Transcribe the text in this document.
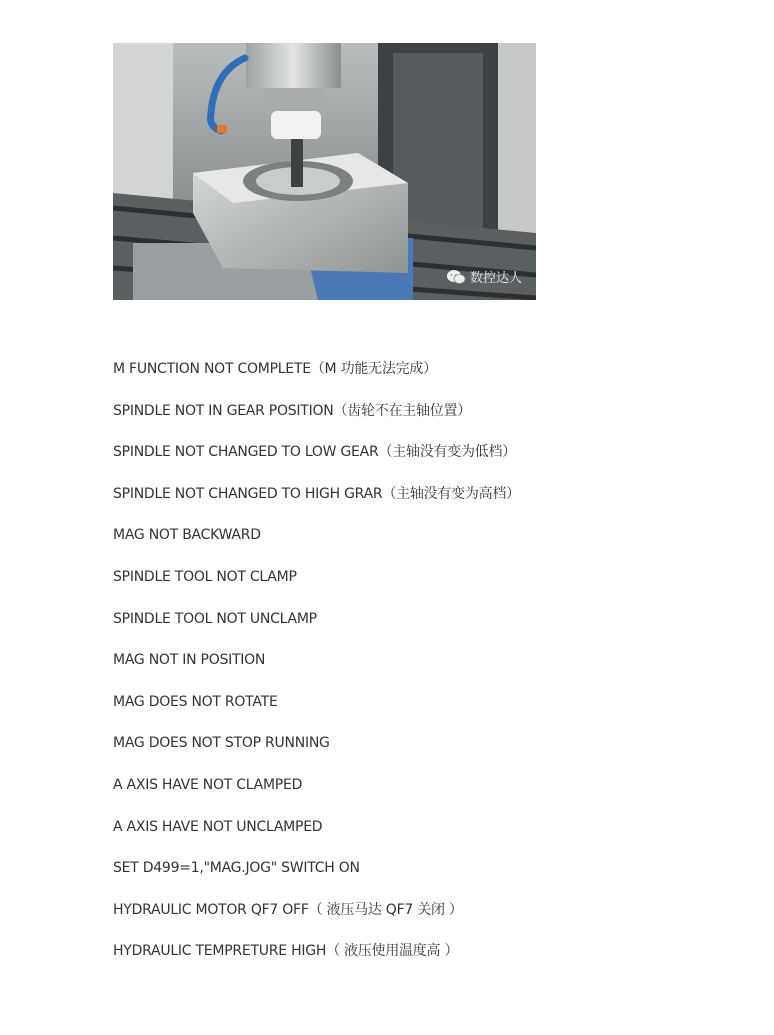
数控达人
M FUNCTION NOT COMPLETE（M 功能无法完成）
SPINDLE NOT IN GEAR POSITION（齿轮不在主轴位置）
SPINDLE NOT CHANGED TO LOW GEAR（主轴没有变为低档）
SPINDLE NOT CHANGED TO HIGH GRAR（主轴没有变为高档）
MAG NOT BACKWARD
SPINDLE TOOL NOT CLAMP
SPINDLE TOOL NOT UNCLAMP
MAG NOT IN POSITION
MAG DOES NOT ROTATE
MAG DOES NOT STOP RUNNING
A AXIS HAVE NOT CLAMPED
A AXIS HAVE NOT UNCLAMPED
SET D499=1,"MAG.JOG" SWITCH ON
HYDRAULIC MOTOR QF7 OFF（ 液压马达 QF7 关闭 ）
HYDRAULIC TEMPRETURE HIGH（ 液压使用温度高 ）
